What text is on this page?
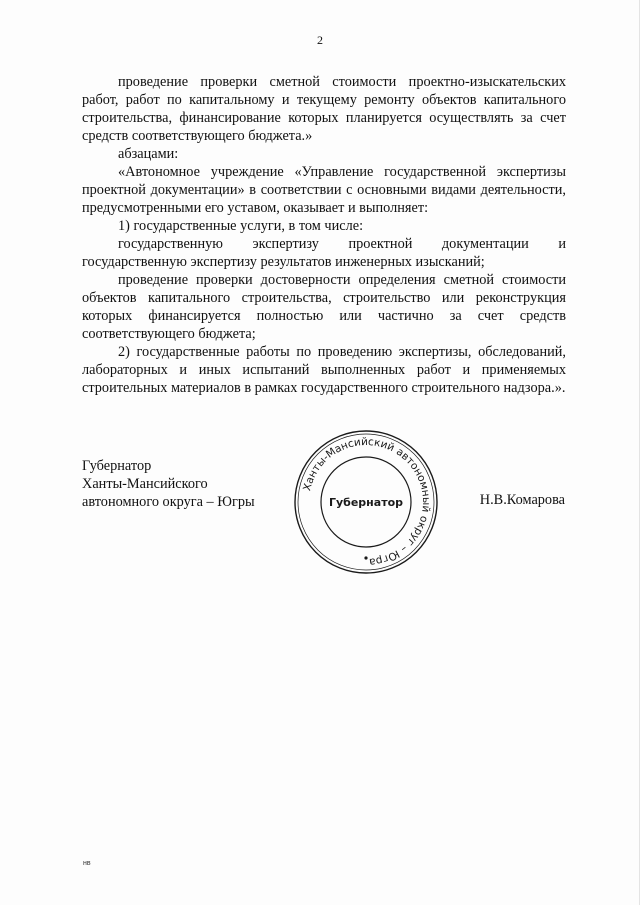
2

проведение проверки сметной стоимости проектно-изыскательских работ, работ по капитальному и текущему ремонту объектов капитального строительства, финансирование которых планируется осуществлять за счет средств соответствующего бюджета.»

абзацами:

«Автономное учреждение «Управление государственной экспертизы проектной документации» в соответствии с основными видами деятельности, предусмотренными его уставом, оказывает и выполняет:

1) государственные услуги, в том числе:

государственную экспертизу проектной документации и государственную экспертизу результатов инженерных изысканий;

проведение проверки достоверности определения сметной стоимости объектов капитального строительства, строительство или реконструкция которых финансируется полностью или частично за счет средств соответствующего бюджета;

2) государственные работы по проведению экспертизы, обследований, лабораторных и иных испытаний выполненных работ и применяемых строительных материалов в рамках государственного строительного надзора.».

Губернатор
Ханты-Мансийского
автономного округа – Югры
Ханты-Мансийский автономный округ – Югра
Губернатор	Н.В.Комарова
нв
